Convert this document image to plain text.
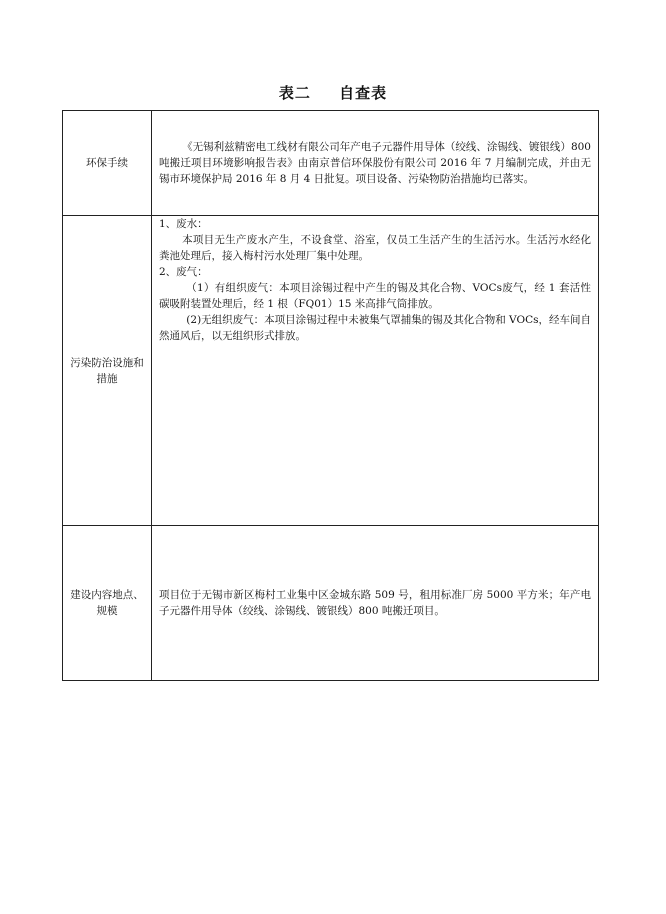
表二 自查表
环保手续	《无锡利兹精密电工线材有限公司年产电子元器件用导体（绞线、涂锡线、镀银线）800吨搬迁项目环境影响报告表》由南京普信环保股份有限公司 2016 年 7 月编制完成，并由无锡市环境保护局 2016 年 8 月 4 日批复。项目设备、污染物防治措施均已落实。

污染防治设施和措施	1、废水：

本项目无生产废水产生，不设食堂、浴室，仅员工生活产生的生活污水。生活污水经化粪池处理后，接入梅村污水处理厂集中处理。

2、废气：

（1）有组织废气：本项目涂锡过程中产生的锡及其化合物、VOCs废气，经 1 套活性碳吸附装置处理后，经 1 根（FQ01）15 米高排气筒排放。

(2)无组织废气：本项目涂锡过程中未被集气罩捕集的锡及其化合物和 VOCs，经车间自然通风后，以无组织形式排放。

建设内容地点、规模	项目位于无锡市新区梅村工业集中区金城东路 509 号，租用标准厂房 5000 平方米；年产电子元器件用导体（绞线、涂锡线、镀银线）800 吨搬迁项目。
